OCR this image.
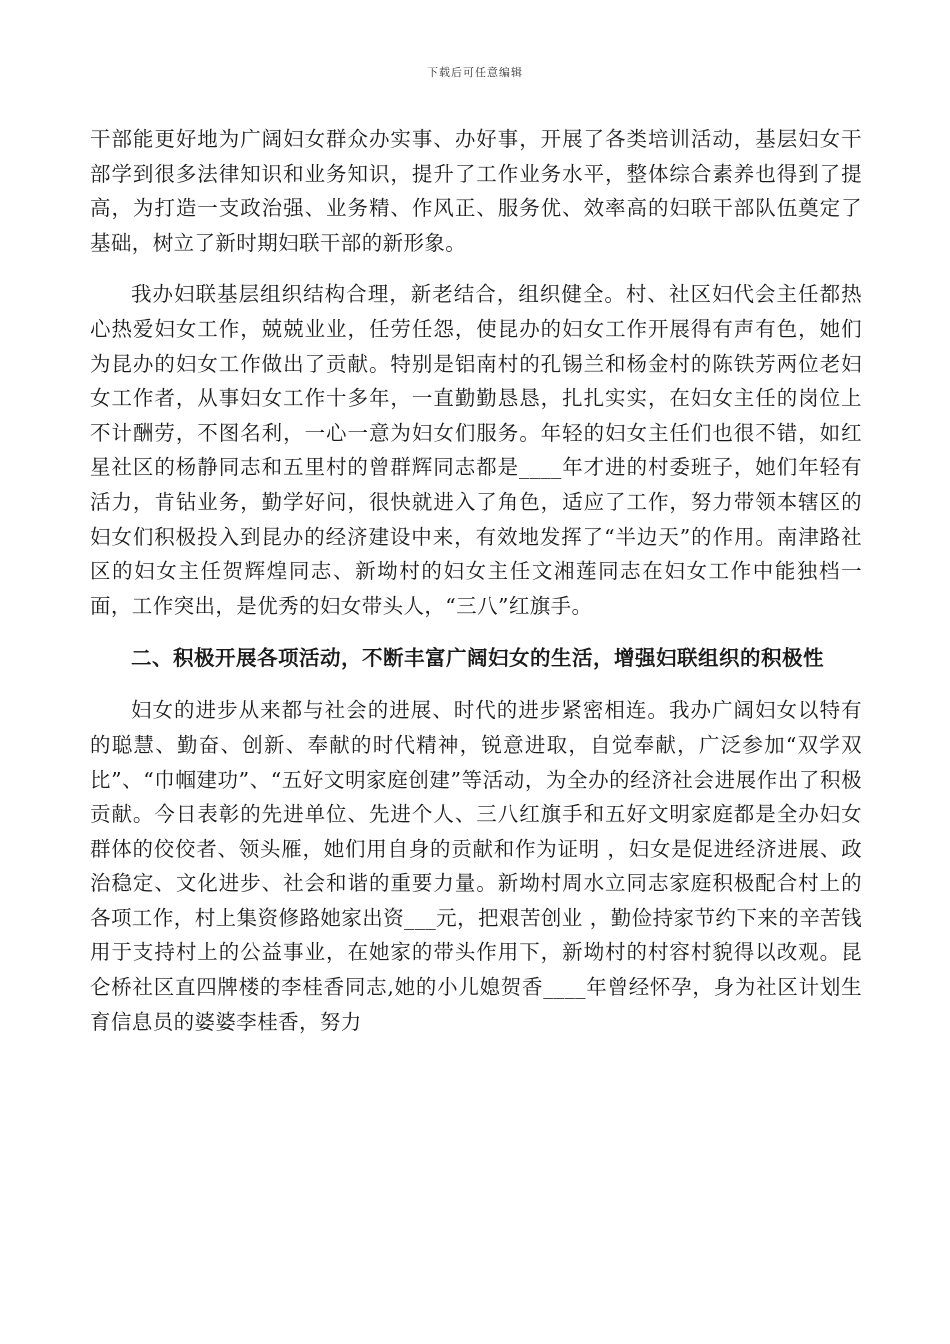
下载后可任意编辑

干部能更好地为广阔妇女群众办实事、办好事，开展了各类培训活动，基层妇女干部学到很多法律知识和业务知识，提升了工作业务水平，整体综合素养也得到了提高，为打造一支政治强、业务精、作风正、服务优、效率高的妇联干部队伍奠定了基础，树立了新时期妇联干部的新形象。

我办妇联基层组织结构合理，新老结合，组织健全。村、社区妇代会主任都热心热爱妇女工作，兢兢业业，任劳任怨，使昆办的妇女工作开展得有声有色，她们为昆办的妇女工作做出了贡献。特别是铝南村的孔锡兰和杨金村的陈铁芳两位老妇女工作者，从事妇女工作十多年，一直勤勤恳恳，扎扎实实，在妇女主任的岗位上不计酬劳，不图名利，一心一意为妇女们服务。年轻的妇女主任们也很不错，如红星社区的杨静同志和五里村的曾群辉同志都是____年才进的村委班子，她们年轻有活力，肯钻业务，勤学好问，很快就进入了角色，适应了工作，努力带领本辖区的妇女们积极投入到昆办的经济建设中来，有效地发挥了“半边天”的作用。南津路社区的妇女主任贺辉煌同志、新坳村的妇女主任文湘莲同志在妇女工作中能独档一面，工作突出，是优秀的妇女带头人，“三八”红旗手。

二、积极开展各项活动，不断丰富广阔妇女的生活，增强妇联组织的积极性

妇女的进步从来都与社会的进展、时代的进步紧密相连。我办广阔妇女以特有的聪慧、勤奋、创新、奉献的时代精神，锐意进取，自觉奉献，广泛参加“双学双比”、“巾帼建功”、“五好文明家庭创建”等活动，为全办的经济社会进展作出了积极贡献。今日表彰的先进单位、先进个人、三八红旗手和五好文明家庭都是全办妇女群体的佼佼者、领头雁，她们用自身的贡献和作为证明 ，妇女是促进经济进展、政治稳定、文化进步、社会和谐的重要力量。新坳村周水立同志家庭积极配合村上的各项工作，村上集资修路她家出资___元，把艰苦创业 ，勤俭持家节约下来的辛苦钱用于支持村上的公益事业，在她家的带头作用下，新坳村的村容村貌得以改观。昆仑桥社区直四牌楼的李桂香同志,她的小儿媳贺香____年曾经怀孕，身为社区计划生育信息员的婆婆李桂香，努力
